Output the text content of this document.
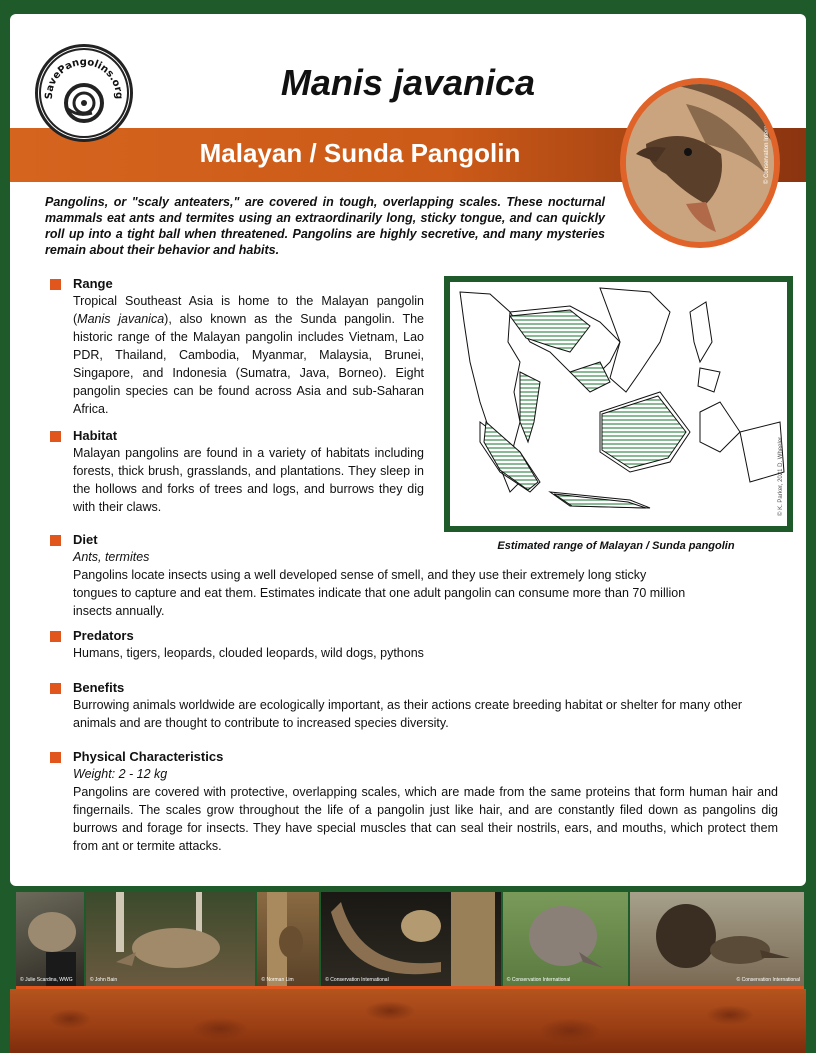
SavePangolins.org	Manis javanica
Malayan / Sunda Pangolin	© Conservation International

Pangolins, or "scaly anteaters," are covered in tough, overlapping scales. These nocturnal mammals eat ants and termites using an extraordinarily long, sticky tongue, and can quickly roll up into a tight ball when threatened. Pangolins are highly secretive, and many mysteries remain about their behavior and habits.

Range

Tropical Southeast Asia is home to the Malayan pangolin (Manis javanica), also known as the Sunda pangolin. The historic range of the Malayan pangolin includes Vietnam, Lao PDR, Thailand, Cambodia, Myanmar, Malaysia, Brunei, Singapore, and Indonesia (Sumatra, Java, Borneo). Eight pangolin species can be found across Asia and sub-Saharan Africa.

Habitat

Malayan pangolins are found in a variety of habitats including forests, thick brush, grasslands, and plantations. They sleep in the hollows and forks of trees and logs, and burrows they dig with their claws.	© K. Parker, 2021 D. Wheeler
Estimated range of Malayan / Sunda pangolin
Diet

Ants, termites

Pangolins locate insects using a well developed sense of smell, and they use their extremely long sticky tongues to capture and eat them. Estimates indicate that one adult pangolin can consume more than 70 million insects annually.

Predators

Humans, tigers, leopards, clouded leopards, wild dogs, pythons

Benefits

Burrowing animals worldwide are ecologically important, as their actions create breeding habitat or shelter for many other animals and are thought to contribute to increased species diversity.

Physical Characteristics

Weight: 2 - 12 kg

Pangolins are covered with protective, overlapping scales, which are made from the same proteins that form human hair and fingernails. The scales grow throughout the life of a pangolin just like hair, and are constantly filed down as pangolins dig burrows and forage for insects. They have special muscles that can seal their nostrils, ears, and mouths, which protect them from ant or termite attacks.

© Julie Scardina, WWG	© John Bain	© Norman Lim	© Conservation International	© Conservation International	© Conservation International
